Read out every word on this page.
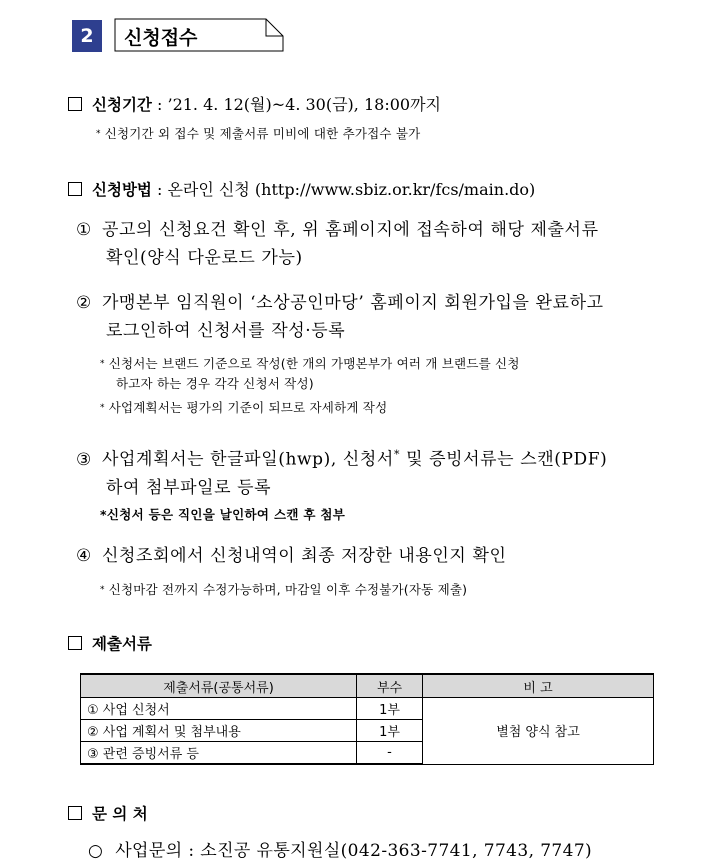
2 신청접수
신청기간 : ’21. 4. 12(월)~4. 30(금), 18:00까지
* 신청기간 외 접수 및 제출서류 미비에 대한 추가접수 불가
신청방법 : 온라인 신청 (http://www.sbiz.or.kr/fcs/main.do)
① 공고의 신청요건 확인 후, 위 홈페이지에 접속하여 해당 제출서류
확인(양식 다운로드 가능)
② 가맹본부 임직원이 ‘소상공인마당’ 홈페이지 회원가입을 완료하고
로그인하여 신청서를 작성·등록
* 신청서는 브랜드 기준으로 작성(한 개의 가맹본부가 여러 개 브랜드를 신청
하고자 하는 경우 각각 신청서 작성)
* 사업계획서는 평가의 기준이 되므로 자세하게 작성
③ 사업계획서는 한글파일(hwp), 신청서* 및 증빙서류는 스캔(PDF)
하여 첨부파일로 등록
*신청서 등은 직인을 날인하여 스캔 후 첨부
④ 신청조회에서 신청내역이 최종 저장한 내용인지 확인
* 신청마감 전까지 수정가능하며, 마감일 이후 수정불가(자동 제출)
제출서류
제출서류(공통서류)	부수	비 고
① 사업 신청서	1부	별첨 양식 참고
② 사업 계획서 및 첨부내용	1부	
③ 관련 증빙서류 등	-	
문 의 처
○ 사업문의 : 소진공 유통지원실(042-363-7741, 7743, 7747)
